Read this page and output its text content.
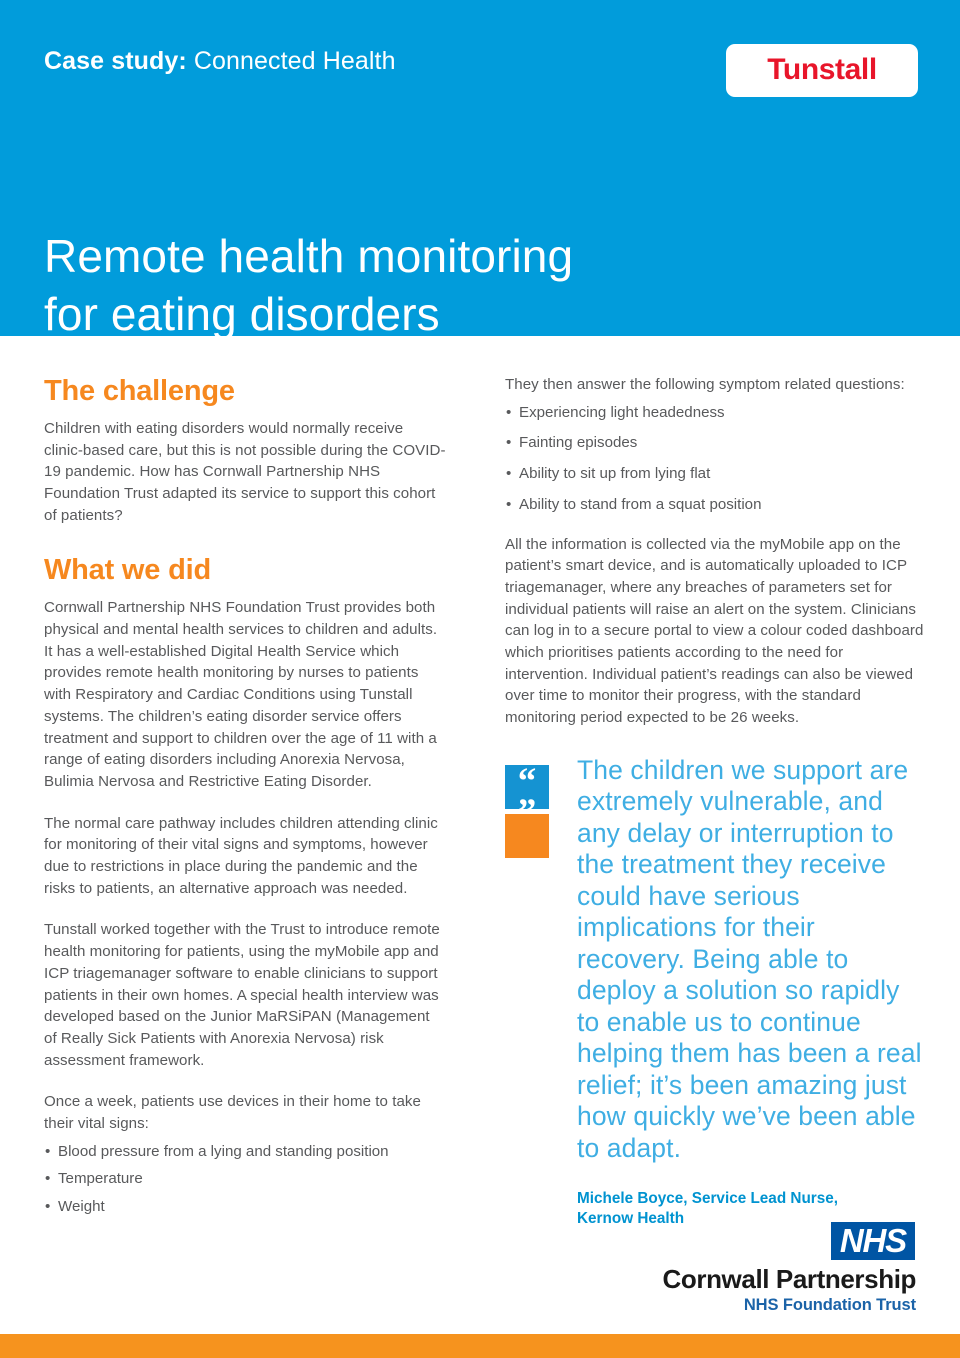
Case study: Connected Health	Tunstall
Remote health monitoring
for eating disorders
The challenge

Children with eating disorders would normally receive clinic-based care, but this is not possible during the COVID-19 pandemic. How has Cornwall Partnership NHS Foundation Trust adapted its service to support this cohort of patients?

What we did

Cornwall Partnership NHS Foundation Trust provides both physical and mental health services to children and adults. It has a well-established Digital Health Service which provides remote health monitoring by nurses to patients with Respiratory and Cardiac Conditions using Tunstall systems. The children’s eating disorder service offers treatment and support to children over the age of 11 with a range of eating disorders including Anorexia Nervosa, Bulimia Nervosa and Restrictive Eating Disorder.

The normal care pathway includes children attending clinic for monitoring of their vital signs and symptoms, however due to restrictions in place during the pandemic and the risks to patients, an alternative approach was needed.

Tunstall worked together with the Trust to introduce remote health monitoring for patients, using the myMobile app and ICP triagemanager software to enable clinicians to support patients in their own homes. A special health interview was developed based on the Junior MaRSiPAN (Management of Really Sick Patients with Anorexia Nervosa) risk assessment framework.

Once a week, patients use devices in their home to take their vital signs:

• Blood pressure from a lying and standing position
• Temperature
• Weight

They then answer the following symptom related questions:

• Experiencing light headedness
• Fainting episodes
• Ability to sit up from lying flat
• Ability to stand from a squat position

All the information is collected via the myMobile app on the patient’s smart device, and is automatically uploaded to ICP triagemanager, where any breaches of parameters set for individual patients will raise an alert on the system. Clinicians can log in to a secure portal to view a colour coded dashboard which prioritises patients according to the need for intervention. Individual patient’s readings can also be viewed over time to monitor their progress, with the standard monitoring period expected to be 26 weeks.

“
”

The children we support are extremely vulnerable, and any delay or interruption to the treatment they receive could have serious implications for their recovery. Being able to deploy a solution so rapidly to enable us to continue helping them has been a real relief; it’s been amazing just how quickly we’ve been able to adapt.

Michele Boyce, Service Lead Nurse,
Kernow Health

NHS
Cornwall Partnership
NHS Foundation Trust
